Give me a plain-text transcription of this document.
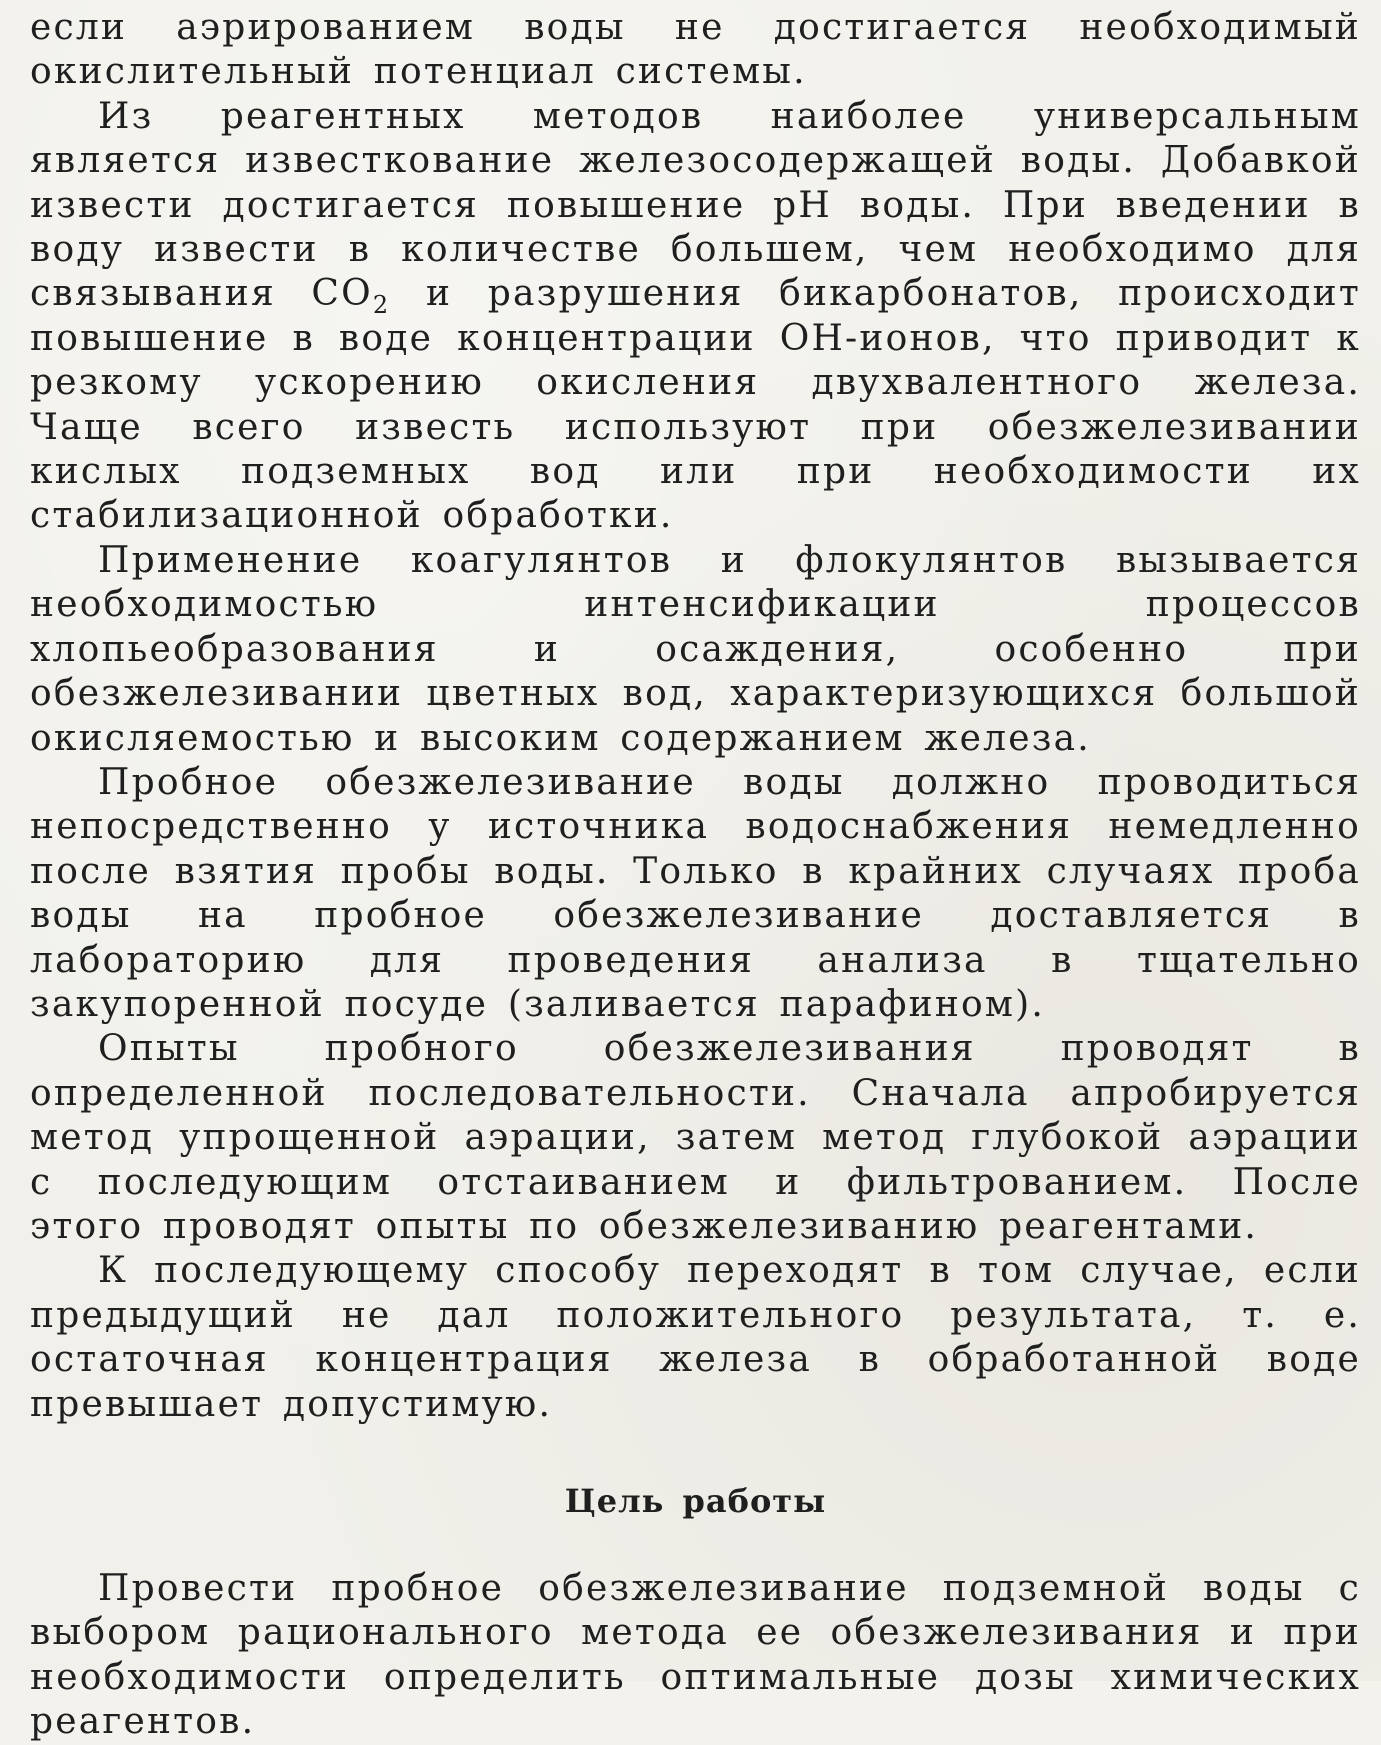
если аэрированием воды не достигается необходимый окислительный потенциал системы.

Из реагентных методов наиболее универсальным является известкование железосодержащей воды. Добавкой извести достигается повышение pH воды. При введении в воду извести в количестве большем, чем необходимо для связывания $CO_2$ и разрушения бикарбонатов, происходит повышение в воде концентрации OH-ионов, что приводит к резкому ускорению окисления двухвалентного железа. Чаще всего известь используют при обезжелезивании кислых подземных вод или при необходимости их стабилизационной обработки.

Применение коагулянтов и флокулянтов вызывается необходимостью интенсификации процессов хлопьеобразования и осаждения, особенно при обезжелезивании цветных вод, характеризующихся большой окисляемостью и высоким содержанием железа.

Пробное обезжелезивание воды должно проводиться непосредственно у источника водоснабжения немедленно после взятия пробы воды. Только в крайних случаях проба воды на пробное обезжелезивание доставляется в лабораторию для проведения анализа в тщательно закупоренной посуде (заливается парафином).

Опыты пробного обезжелезивания проводят в определенной последовательности. Сначала апробируется метод упрощенной аэрации, затем метод глубокой аэрации с последующим отстаиванием и фильтрованием. После этого проводят опыты по обезжелезиванию реагентами.

К последующему способу переходят в том случае, если предыдущий не дал положительного результата, т. е. остаточная концентрация железа в обработанной воде превышает допустимую.

Цель работы

Провести пробное обезжелезивание подземной воды с выбором рационального метода ее обезжелезивания и при необходимости определить оптимальные дозы химических реагентов.
